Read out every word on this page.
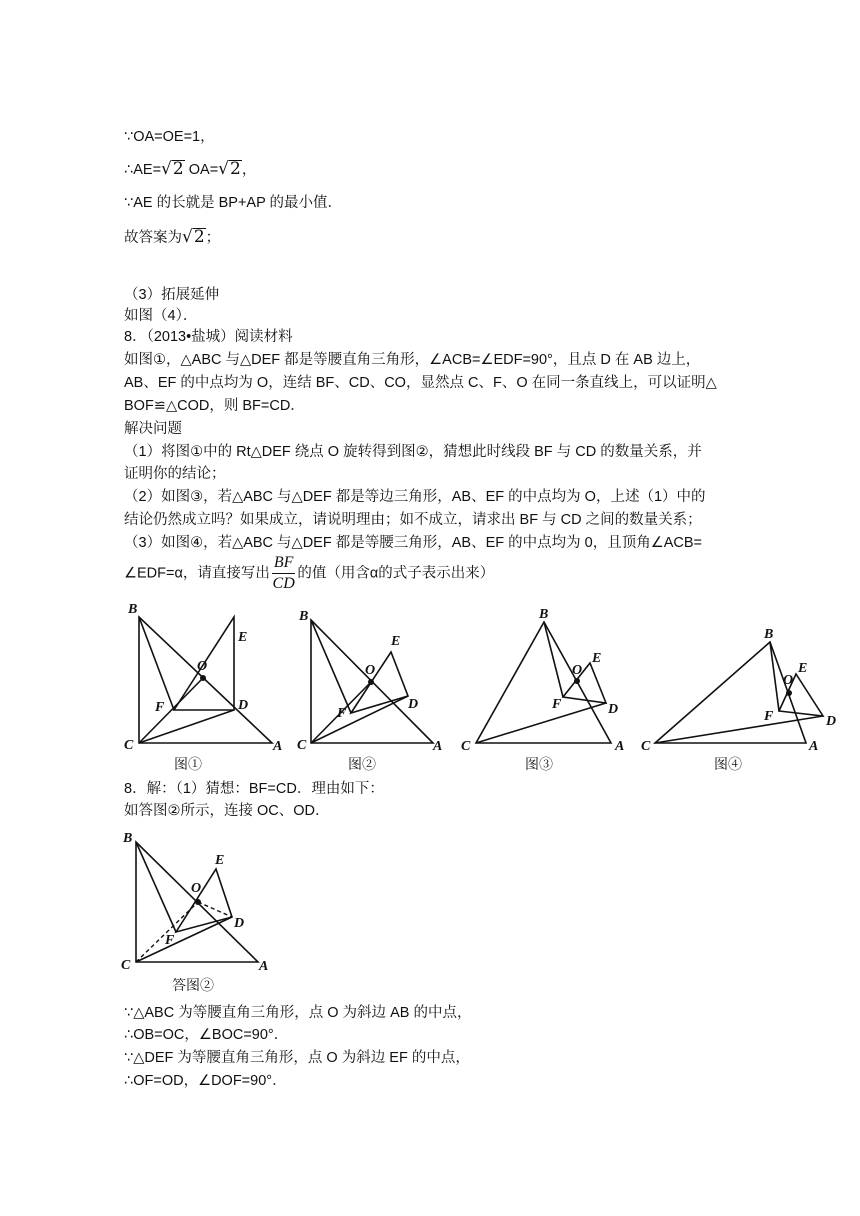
∵OA=OE=1，
∴AE=√2 OA=√2，
∵AE 的长就是 BP+AP 的最小值．
故答案为√2；
（3）拓展延伸
如图（4）．
8．（2013•盐城）阅读材料
如图①，△ABC 与△DEF 都是等腰直角三角形，∠ACB=∠EDF=90°，且点 D 在 AB 边上，
AB、EF 的中点均为 O，连结 BF、CD、CO，显然点 C、F、O 在同一条直线上，可以证明△
BOF≌△COD，则 BF=CD．
解决问题
（1）将图①中的 Rt△DEF 绕点 O 旋转得到图②，猜想此时线段 BF 与 CD 的数量关系，并
证明你的结论；
（2）如图③，若△ABC 与△DEF 都是等边三角形，AB、EF 的中点均为 O，上述（1）中的
结论仍然成立吗？如果成立，请说明理由；如不成立，请求出 BF 与 CD 之间的数量关系；
（3）如图④，若△ABC 与△DEF 都是等腰三角形，AB、EF 的中点均为 0，且顶角∠ACB=
∠EDF=α，请直接写出 $\frac{BF}{CD}$ 的值（用含α的式子表示出来）
B
E
O
F	D
C	A
图①
B
E
O
F
D
C	A
图②
B
E
O
F	D
C	A
图③
B
E
O
F	D
C	A
图④
8．解：（1）猜想：BF=CD．理由如下：
如答图②所示，连接 OC、OD．
B
E
O
F
D
C	A
答图②
∵△ABC 为等腰直角三角形，点 O 为斜边 AB 的中点，
∴OB=OC，∠BOC=90°．
∵△DEF 为等腰直角三角形，点 O 为斜边 EF 的中点，
∴OF=OD，∠DOF=90°．
